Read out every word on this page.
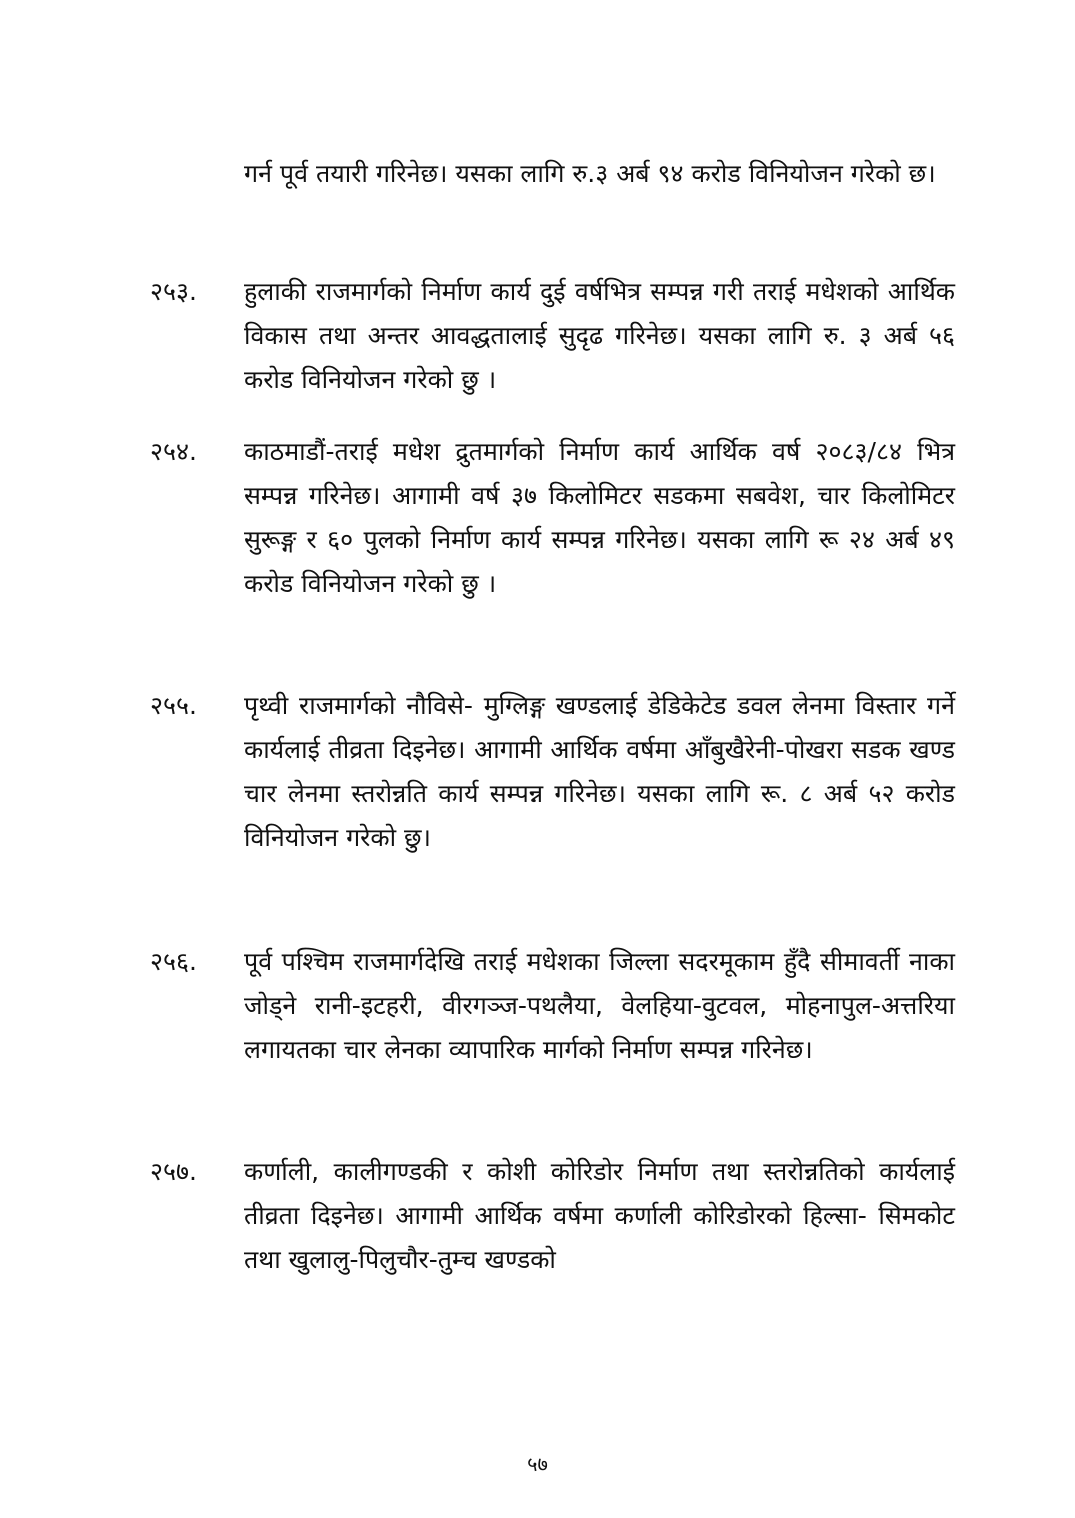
गर्न पूर्व तयारी गरिनेछ। यसका लागि रु.३ अर्ब ९४ करोड विनियोजन गरेको छ।
२५३.	हुलाकी राजमार्गको निर्माण कार्य दुई वर्षभित्र सम्पन्न गरी तराई मधेशको आर्थिक विकास तथा अन्तर आवद्धतालाई सुदृढ गरिनेछ। यसका लागि रु. ३ अर्ब ५६ करोड विनियोजन गरेको छु ।
२५४.	काठमाडौं-तराई मधेश द्रुतमार्गको निर्माण कार्य आर्थिक वर्ष २०८३/८४ भित्र सम्पन्न गरिनेछ। आगामी वर्ष ३७ किलोमिटर सडकमा सबवेश, चार किलोमिटर सुरूङ्ग र ६० पुलको निर्माण कार्य सम्पन्न गरिनेछ। यसका लागि रू २४ अर्ब ४९ करोड विनियोजन गरेको छु ।
२५५.	पृथ्वी राजमार्गको नौविसे- मुग्लिङ्ग खण्डलाई डेडिकेटेड डवल लेनमा विस्तार गर्ने कार्यलाई तीव्रता दिइनेछ। आगामी आर्थिक वर्षमा आँबुखैरेनी-पोखरा सडक खण्ड चार लेनमा स्तरोन्नति कार्य सम्पन्न गरिनेछ। यसका लागि रू. ८ अर्ब ५२ करोड विनियोजन गरेको छु।
२५६.	पूर्व पश्चिम राजमार्गदेखि तराई मधेशका जिल्ला सदरमूकाम हुँदै सीमावर्ती नाका जोड्ने रानी-इटहरी, वीरगञ्ज-पथलैया, वेलहिया-वुटवल, मोहनापुल-अत्तरिया लगायतका चार लेनका व्यापारिक मार्गको निर्माण सम्पन्न गरिनेछ।
२५७.	कर्णाली, कालीगण्डकी र कोशी कोरिडोर निर्माण तथा स्तरोन्नतिको कार्यलाई तीव्रता दिइनेछ। आगामी आर्थिक वर्षमा कर्णाली कोरिडोरको हिल्सा- सिमकोट तथा खुलालु-पिलुचौर-तुम्च खण्डको
५७
